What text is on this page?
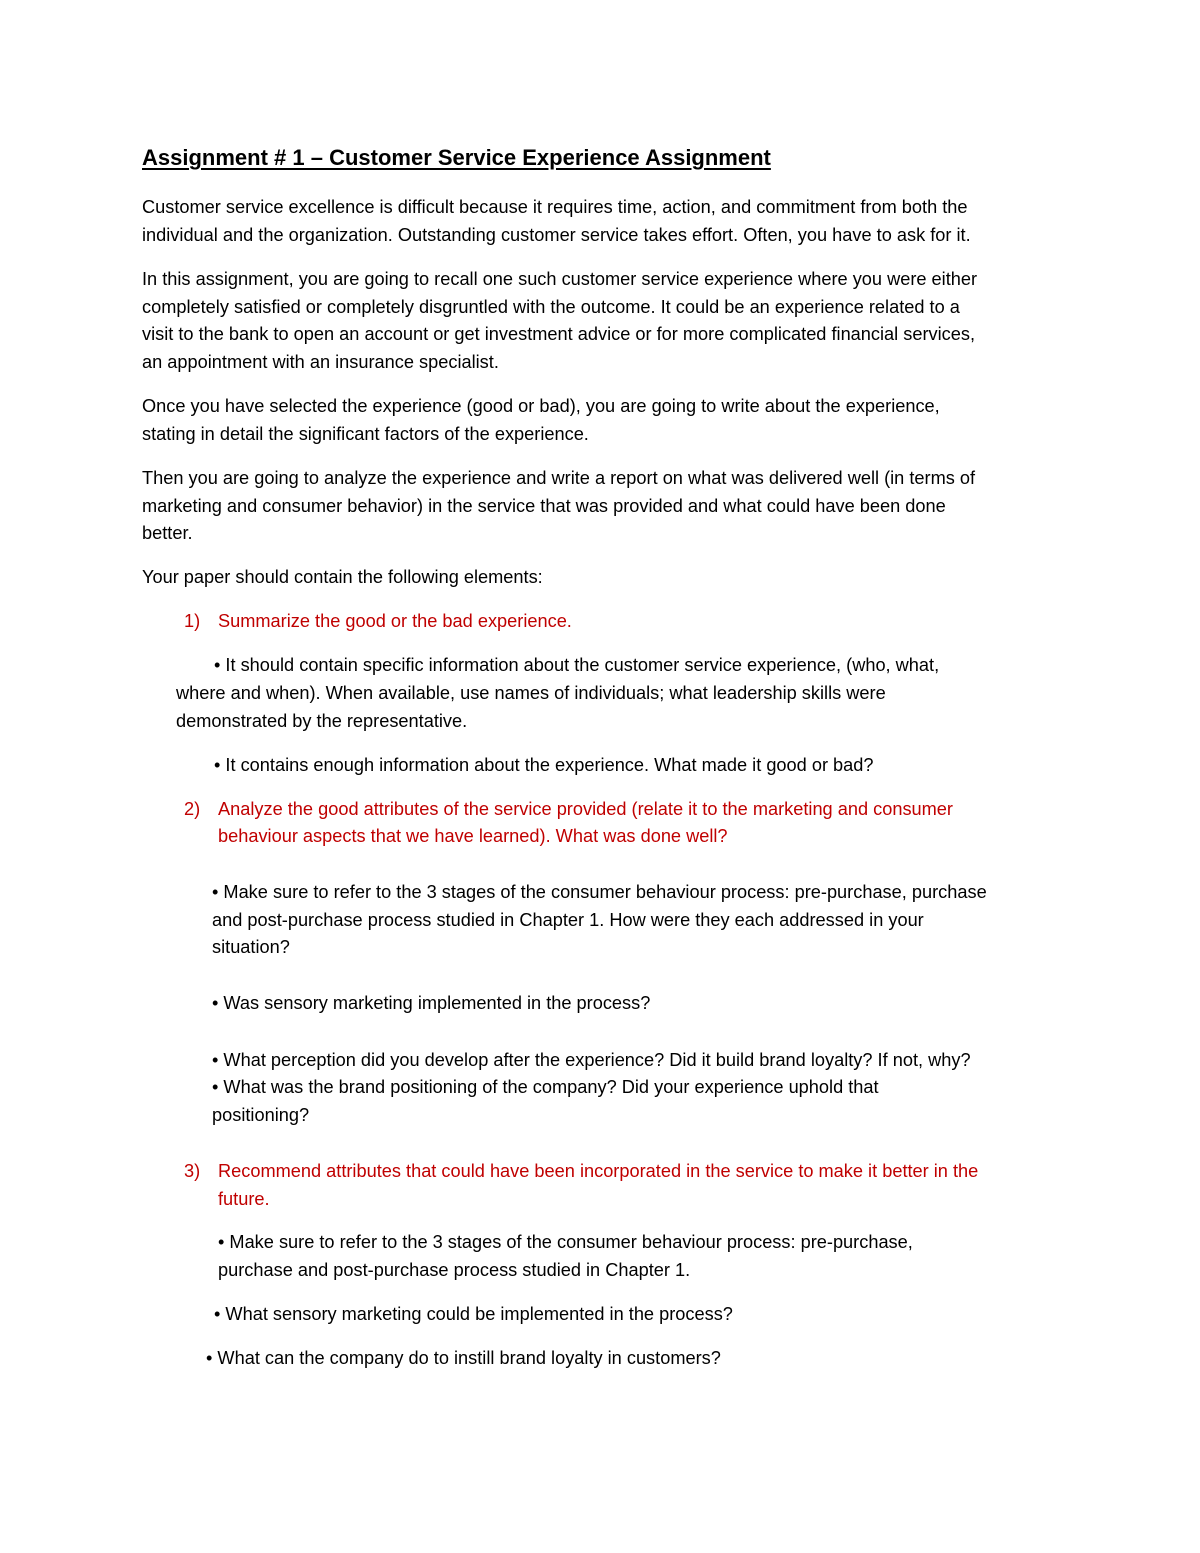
Assignment # 1 – Customer Service Experience Assignment
Customer service excellence is difficult because it requires time, action, and commitment from both the
individual and the organization. Outstanding customer service takes effort. Often, you have to ask for it.
In this assignment, you are going to recall one such customer service experience where you were either
completely satisfied or completely disgruntled with the outcome. It could be an experience related to a
visit to the bank to open an account or get investment advice or for more complicated financial services,
an appointment with an insurance specialist.
Once you have selected the experience (good or bad), you are going to write about the experience,
stating in detail the significant factors of the experience.
Then you are going to analyze the experience and write a report on what was delivered well (in terms of
marketing and consumer behavior) in the service that was provided and what could have been done
better.
Your paper should contain the following elements:
1) Summarize the good or the bad experience.
• It should contain specific information about the customer service experience, (who, what,
where and when). When available, use names of individuals; what leadership skills were
demonstrated by the representative.
• It contains enough information about the experience. What made it good or bad?
2) Analyze the good attributes of the service provided (relate it to the marketing and consumer
behaviour aspects that we have learned). What was done well?
• Make sure to refer to the 3 stages of the consumer behaviour process: pre-purchase, purchase
and post-purchase process studied in Chapter 1. How were they each addressed in your
situation?
• Was sensory marketing implemented in the process?
• What perception did you develop after the experience? Did it build brand loyalty? If not, why?
• What was the brand positioning of the company? Did your experience uphold that
positioning?
3) Recommend attributes that could have been incorporated in the service to make it better in the
future.
• Make sure to refer to the 3 stages of the consumer behaviour process: pre-purchase,
purchase and post-purchase process studied in Chapter 1.
• What sensory marketing could be implemented in the process?
• What can the company do to instill brand loyalty in customers?
